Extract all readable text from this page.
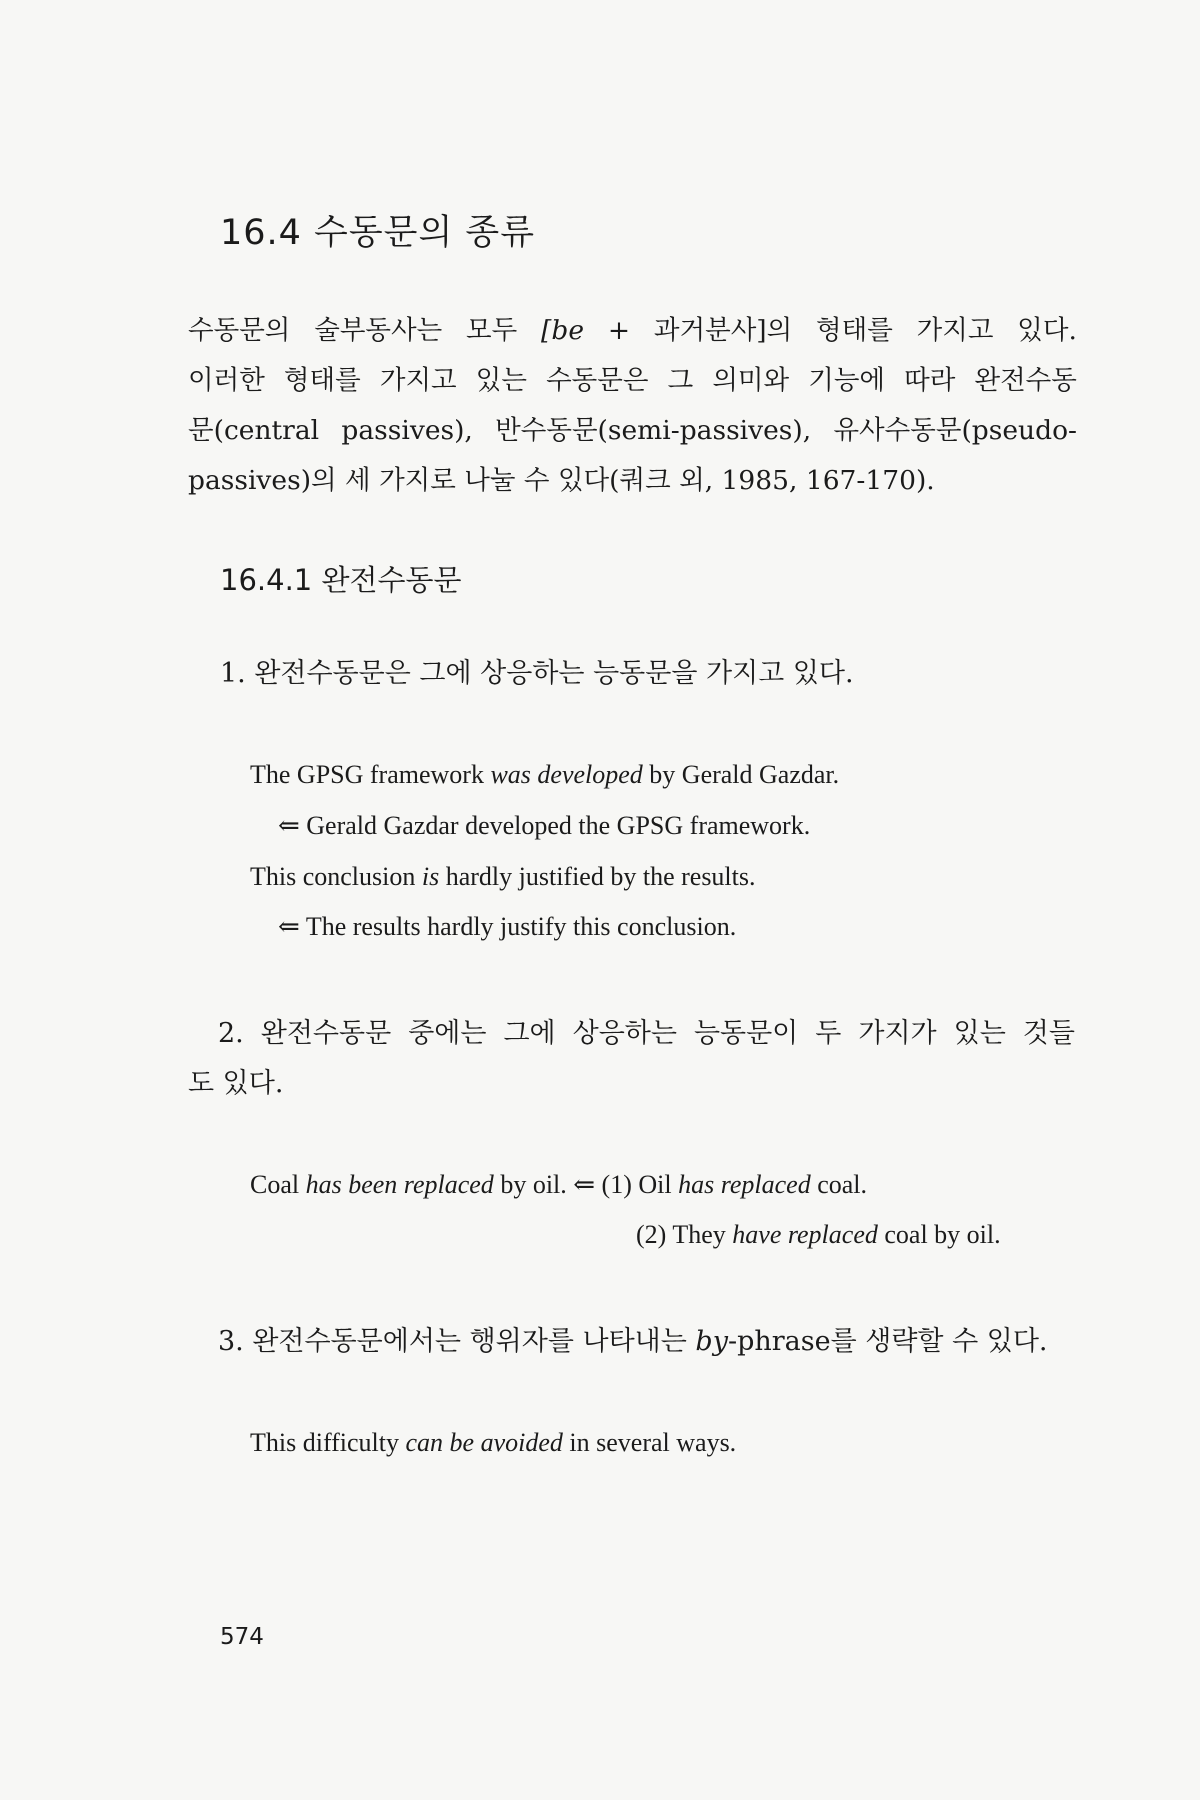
16.4 수동문의 종류
수동문의 술부동사는 모두 [be + 과거분사]의 형태를 가지고 있다.
이러한 형태를 가지고 있는 수동문은 그 의미와 기능에 따라 완전수동
문(central passives), 반수동문(semi-passives), 유사수동문(pseudo-
passives)의 세 가지로 나눌 수 있다(쿼크 외, 1985, 167-170).
16.4.1 완전수동문
1. 완전수동문은 그에 상응하는 능동문을 가지고 있다.
The GPSG framework was developed by Gerald Gazdar.
⇐ Gerald Gazdar developed the GPSG framework.
This conclusion is hardly justified by the results.
⇐ The results hardly justify this conclusion.
2. 완전수동문 중에는 그에 상응하는 능동문이 두 가지가 있는 것들
도 있다.
Coal has been replaced by oil. ⇐ (1) Oil has replaced coal.
(2) They have replaced coal by oil.
3. 완전수동문에서는 행위자를 나타내는 by-phrase를 생략할 수 있다.
This difficulty can be avoided in several ways.
574
